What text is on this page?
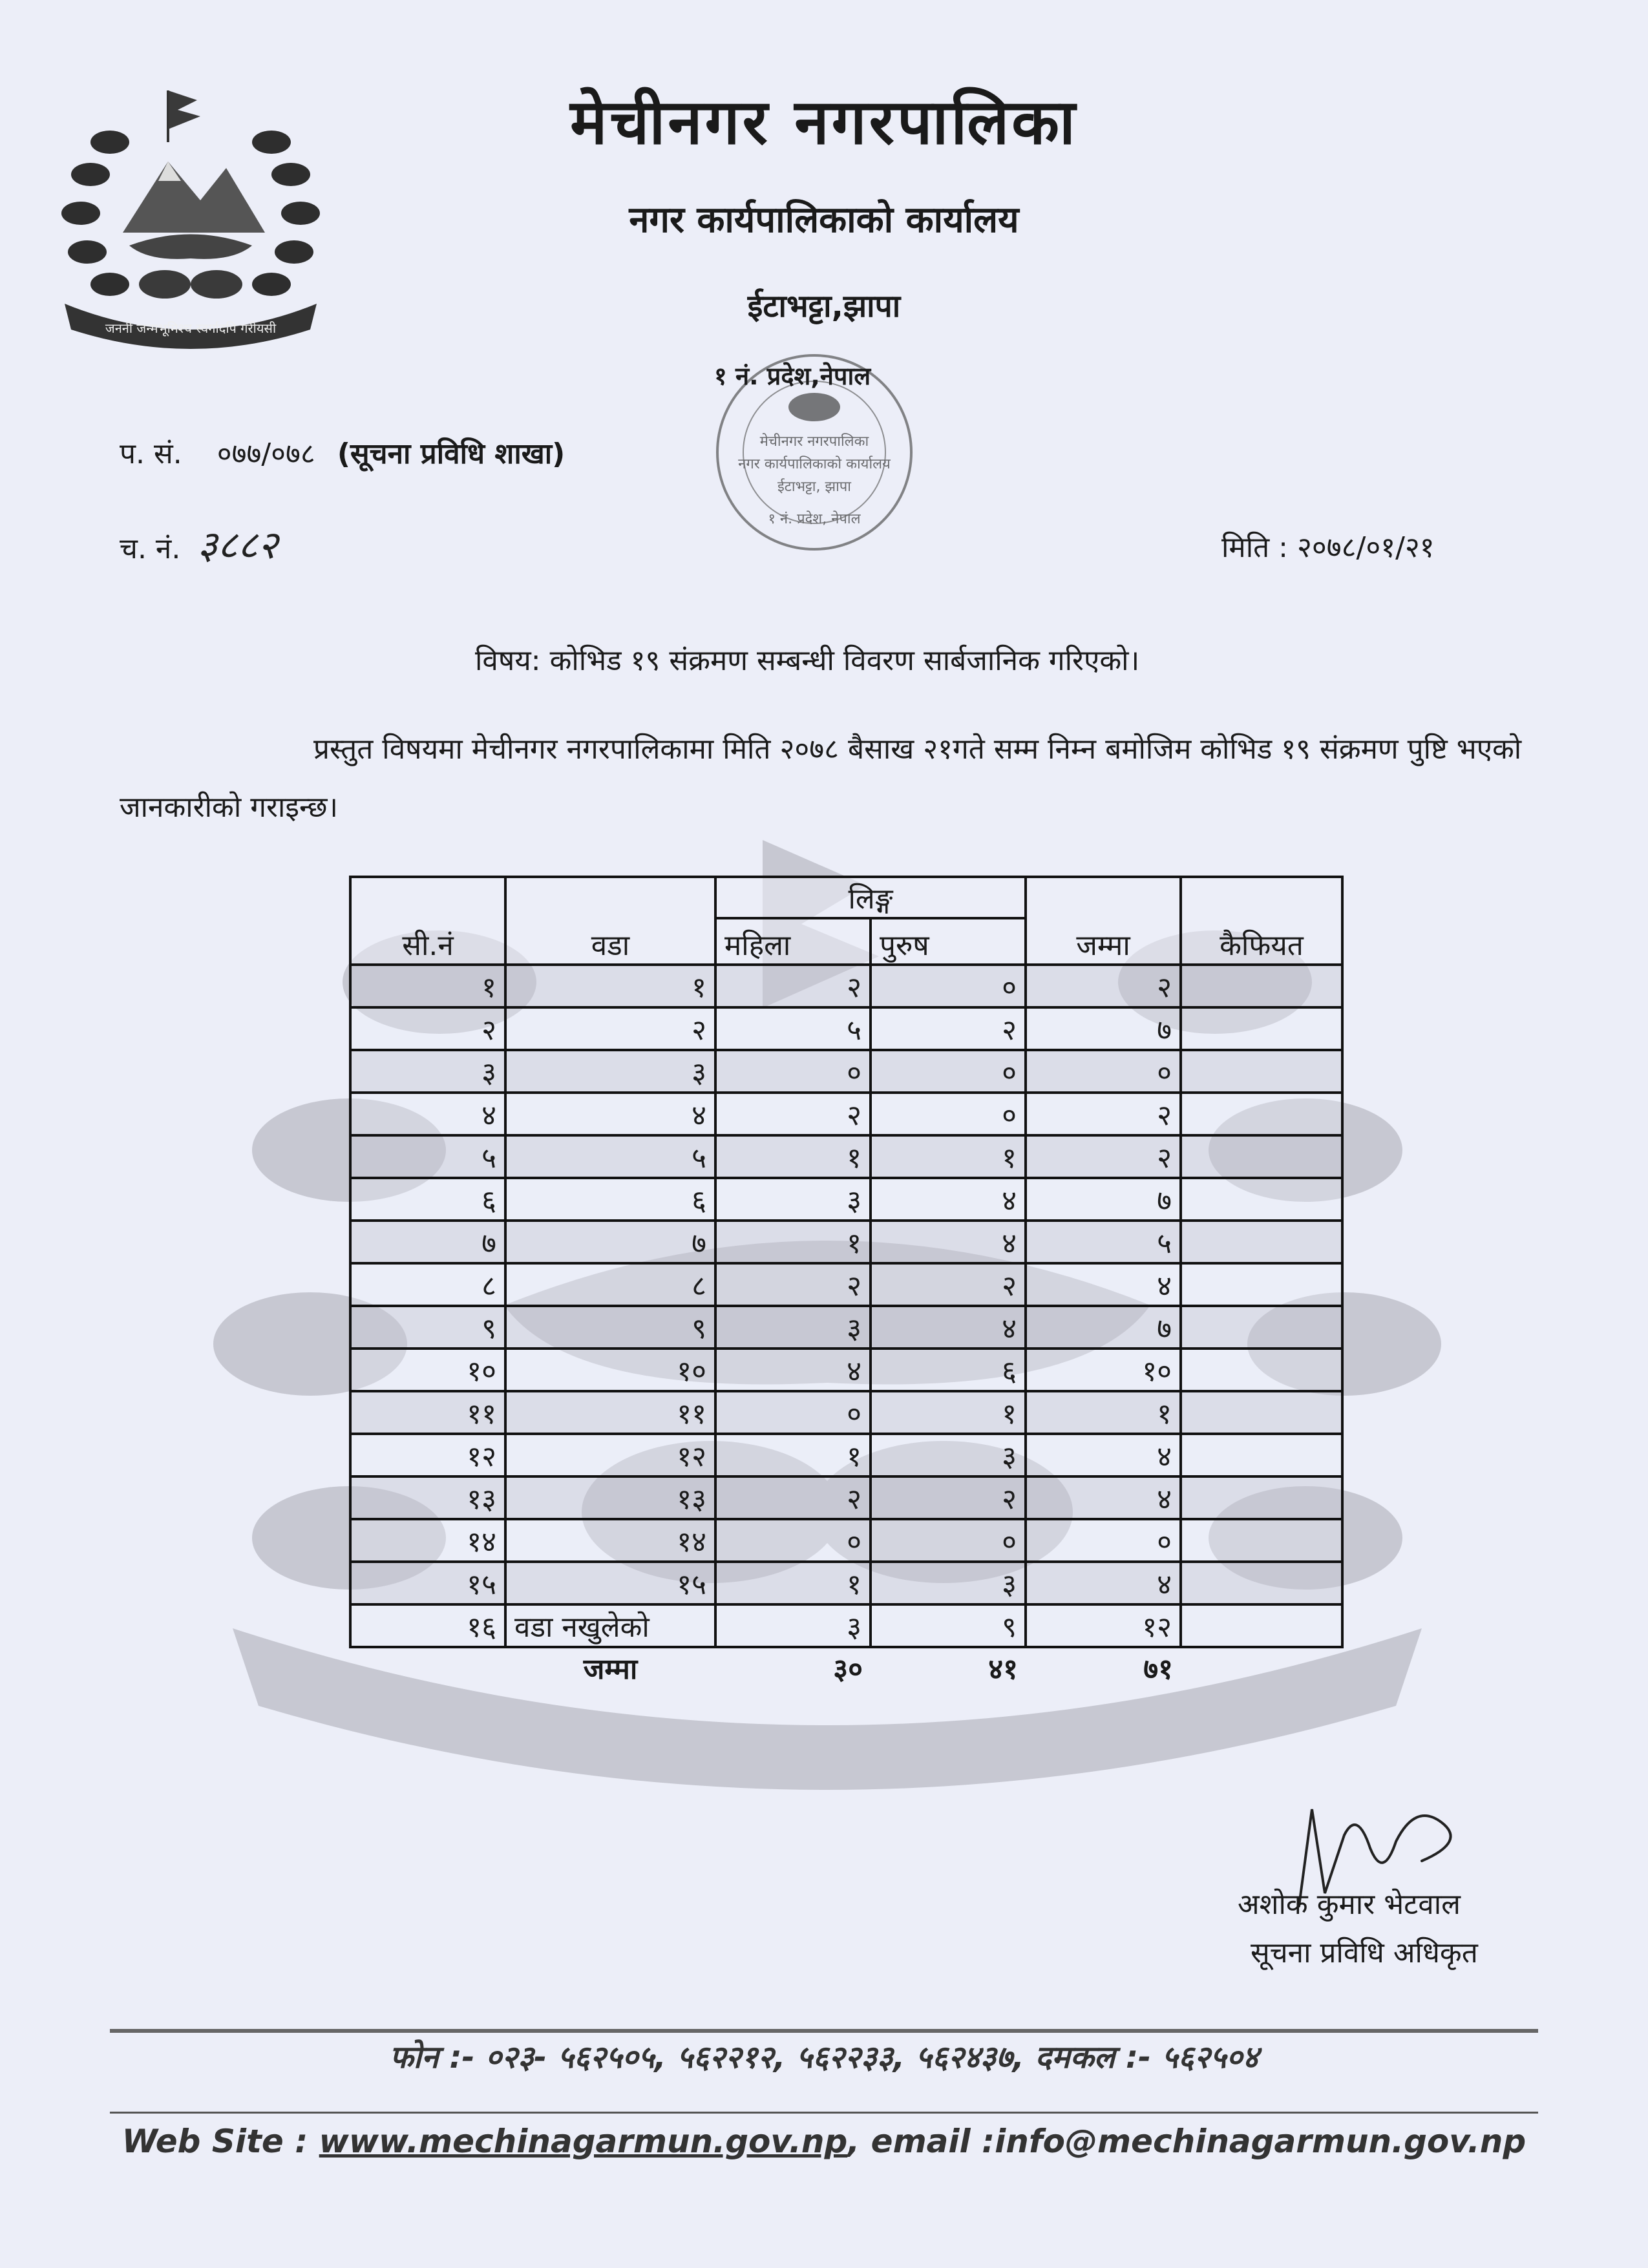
जननी जन्मभूमिश्च स्वर्गादपि गरीयसी
मेचीनगर नगरपालिका
नगर कार्यपालिकाको कार्यालय
ईटाभट्टा,झापा
मेचीनगर नगरपालिका
नगर कार्यपालिकाको कार्यालय
ईटाभट्टा, झापा
१ नं. प्रदेश, नेपाल
१ नं. प्रदेश,नेपाल
प. सं. ०७७/०७८ (सूचना प्रविधि शाखा)
च. नं. ३८८२	मिति : २०७८/०१/२१
विषय: कोभिड १९ संक्रमण सम्बन्धी विवरण सार्बजानिक गरिएको।
प्रस्तुत विषयमा मेचीनगर नगरपालिकामा मिति २०७८ बैसाख २१गते सम्म निम्न बमोजिम कोभिड १९ संक्रमण पुष्टि भएको जानकारीको गराइन्छ।
सी.नं	वडा	लिङ्ग		जम्मा	कैफियत
		महिला	पुरुष		
१	१	२	०	२	
२	२	५	२	७	
३	३	०	०	०	
४	४	२	०	२	
५	५	१	१	२	
६	६	३	४	७	
७	७	१	४	५	
८	८	२	२	४	
९	९	३	४	७	
१०	१०	४	६	१०	
११	११	०	१	१	
१२	१२	१	३	४	
१३	१३	२	२	४	
१४	१४	०	०	०	
१५	१५	१	३	४	
१६	वडा नखुलेको	३	९	१२	
	जम्मा	३०	४१	७१	
अशोक कुमार भेटवाल
सूचना प्रविधि अधिकृत
फोन :- ०२३- ५६२५०५, ५६२२१२, ५६२२३३, ५६२४३७, दमकल :- ५६२५०४
Web Site : www.mechinagarmun.gov.np, email :info@mechinagarmun.gov.np
